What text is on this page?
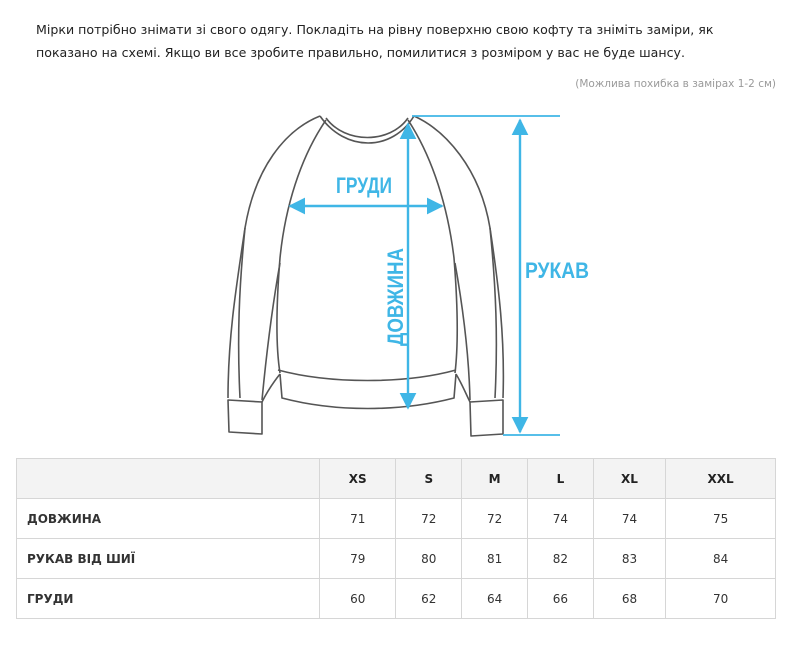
Мірки потрібно знімати зі свого одягу. Покладіть на рівну поверхню свою кофту та зніміть заміри, як показано на схемі. Якщо ви все зробите правильно, помилитися з розміром у вас не буде шансу.

(Можлива похибка в замірах 1-2 см)
ГРУДИ
ДОВЖИНА	РУКАВ
	XS	S	M	L	XL	XXL
ДОВЖИНА	71	72	72	74	74	75
РУКАВ ВІД ШИЇ	79	80	81	82	83	84
ГРУДИ	60	62	64	66	68	70
